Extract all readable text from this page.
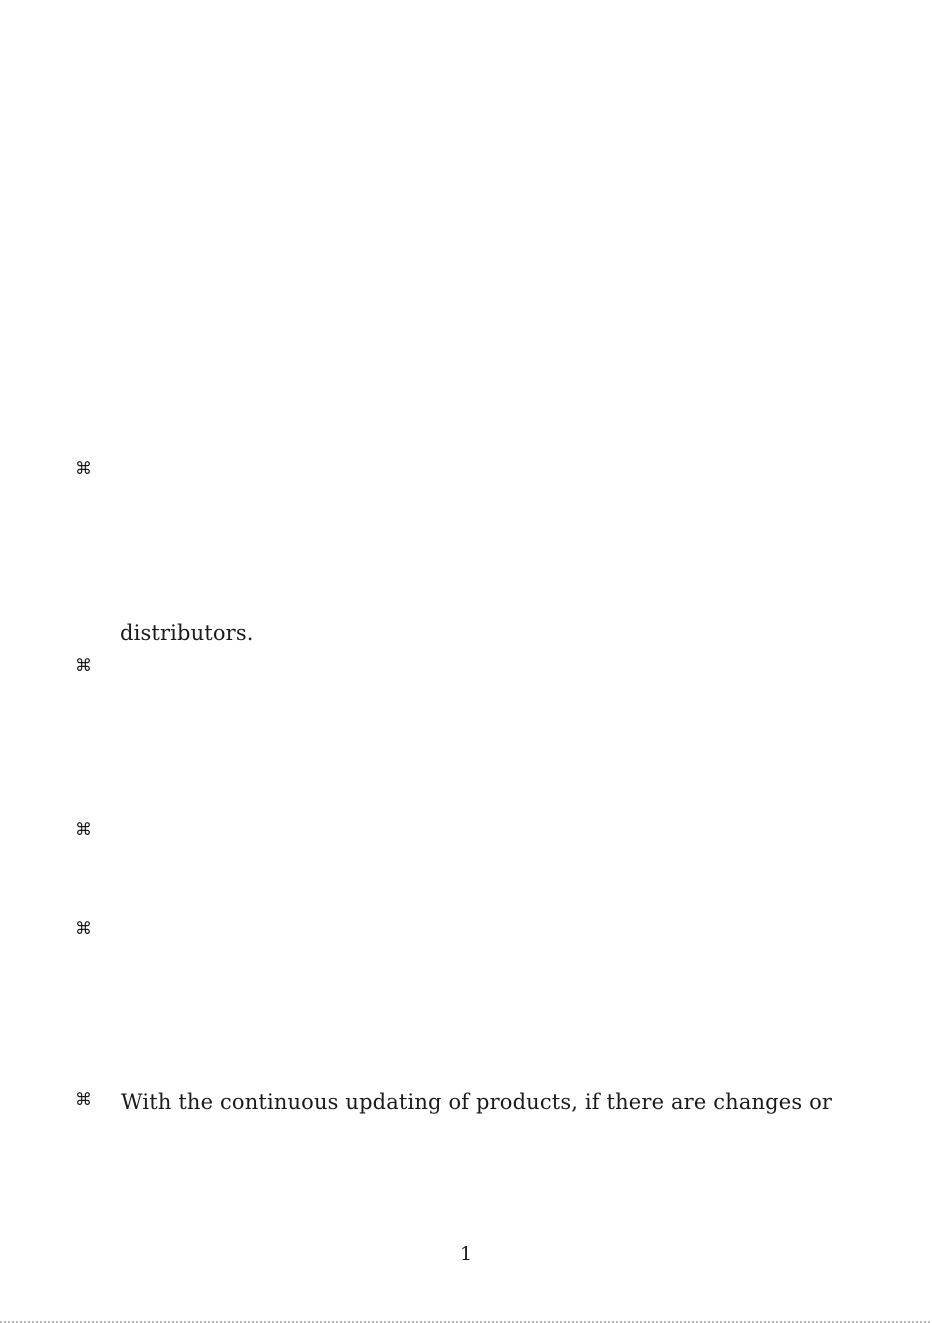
⌘
distributors.
⌘
⌘
⌘
⌘ With the continuous updating of products, if there are changes or
1
